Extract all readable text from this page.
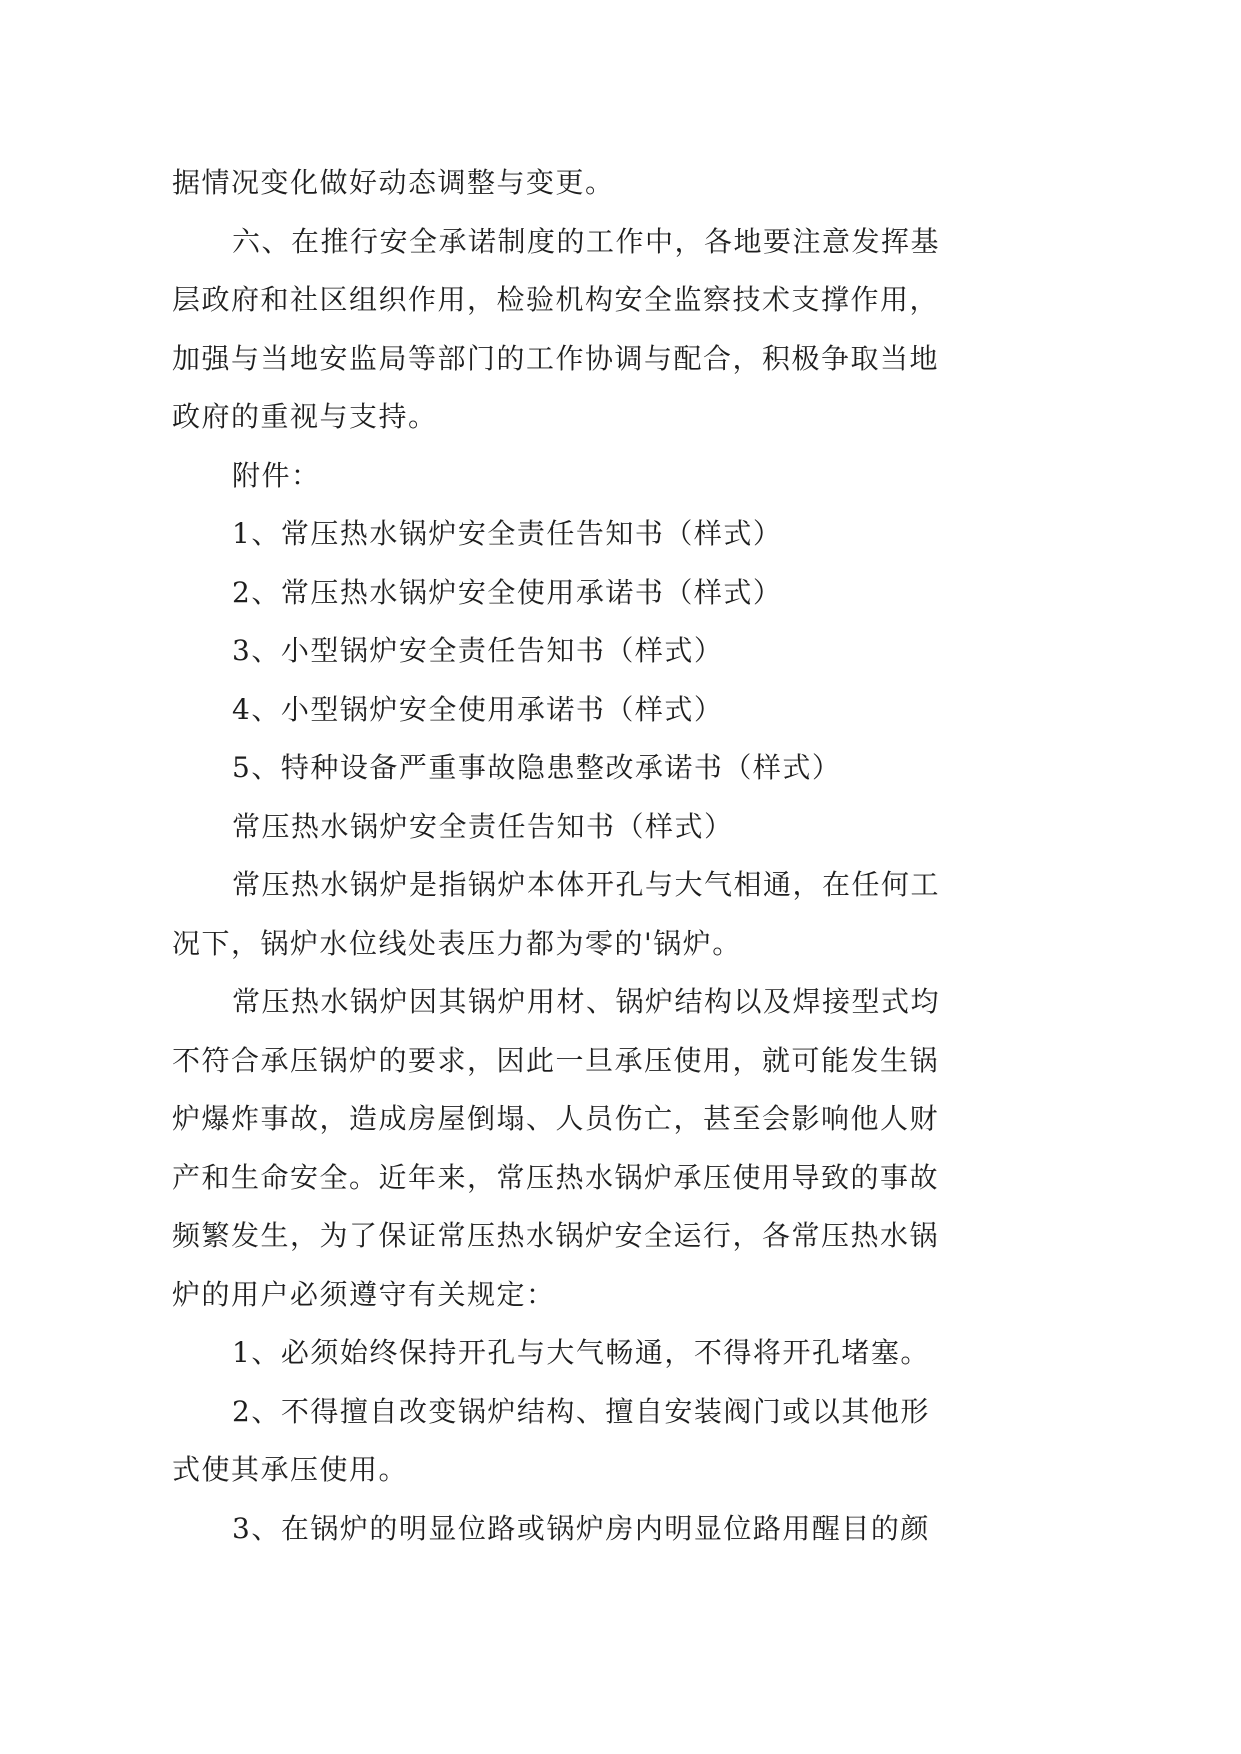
据情况变化做好动态调整与变更。
六、在推行安全承诺制度的工作中，各地要注意发挥基
层政府和社区组织作用，检验机构安全监察技术支撑作用，
加强与当地安监局等部门的工作协调与配合，积极争取当地
政府的重视与支持。
附件：
1、常压热水锅炉安全责任告知书（样式）
2、常压热水锅炉安全使用承诺书（样式）
3、小型锅炉安全责任告知书（样式）
4、小型锅炉安全使用承诺书（样式）
5、特种设备严重事故隐患整改承诺书（样式）
常压热水锅炉安全责任告知书（样式）
常压热水锅炉是指锅炉本体开孔与大气相通，在任何工
况下，锅炉水位线处表压力都为零的'锅炉。
常压热水锅炉因其锅炉用材、锅炉结构以及焊接型式均
不符合承压锅炉的要求，因此一旦承压使用，就可能发生锅
炉爆炸事故，造成房屋倒塌、人员伤亡，甚至会影响他人财
产和生命安全。近年来，常压热水锅炉承压使用导致的事故
频繁发生，为了保证常压热水锅炉安全运行，各常压热水锅
炉的用户必须遵守有关规定：
1、必须始终保持开孔与大气畅通，不得将开孔堵塞。
2、不得擅自改变锅炉结构、擅自安装阀门或以其他形
式使其承压使用。
3、在锅炉的明显位路或锅炉房内明显位路用醒目的颜
